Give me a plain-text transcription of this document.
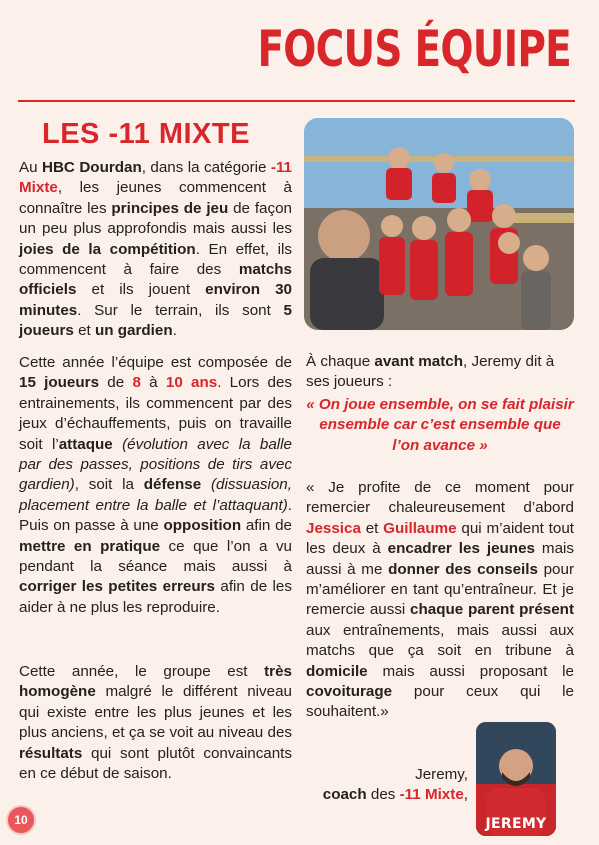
FOCUS ÉQUIPE
LES -11 MIXTE

Au HBC Dourdan, dans la catégorie -11 Mixte, les jeunes commencent à connaître les principes de jeu de façon un peu plus approfondis mais aussi les joies de la compétition. En effet, ils commencent à faire des matchs officiels et ils jouent environ 30 minutes. Sur le terrain, ils sont 5 joueurs et un gardien.

Cette année l’équipe est composée de 15 joueurs de 8 à 10 ans. Lors des entrainements, ils commencent par des jeux d’échauffements, puis on travaille soit l’attaque (évolution avec la balle par des passes, positions de tirs avec gardien), soit la défense (dissuasion, placement entre la balle et l’attaquant). Puis on passe à une opposition afin de mettre en pratique ce que l’on a vu pendant la séance mais aussi à corriger les petites erreurs afin de les aider à ne plus les reproduire.

Cette année, le groupe est très homogène malgré le différent niveau qui existe entre les plus jeunes et les plus anciens, et ça se voit au niveau des résultats qui sont plutôt convaincants en ce début de saison.

À chaque avant match, Jeremy dit à ses joueurs :

« On joue ensemble, on se fait plaisir ensemble car c’est ensemble que l’on avance »

« Je profite de ce moment pour remercier chaleureusement d’abord Jessica et Guillaume qui m’aident tout les deux à encadrer les jeunes mais aussi à me donner des conseils pour m’améliorer en tant qu’entraîneur. Et je remercie aussi chaque parent présent aux entraînements, mais aussi aux matchs que ça soit en tribune à domicile mais aussi proposant le covoiturage pour ceux qui le souhaitent.»

Jeremy,

coach des -11 Mixte,

JEREMY
10
